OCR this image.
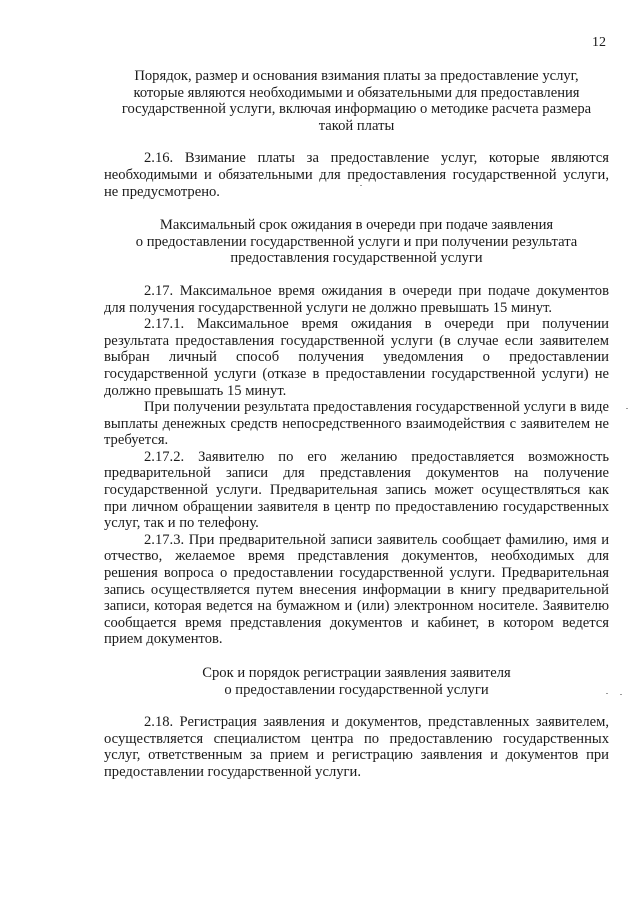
12

Порядок, размер и основания взимания платы за предоставление услуг,
которые являются необходимыми и обязательными для предоставления
государственной услуги, включая информацию о методике расчета размера
такой платы

2.16. Взимание платы за предоставление услуг, которые являются необходимыми и обязательными для предоставления государственной услуги, не предусмотрено.

Максимальный срок ожидания в очереди при подаче заявления
о предоставлении государственной услуги и при получении результата
предоставления государственной услуги

2.17. Максимальное время ожидания в очереди при подаче документов для получения государственной услуги не должно превышать 15 минут.

2.17.1. Максимальное время ожидания в очереди при получении результата предоставления государственной услуги (в случае если заявителем выбран личный способ получения уведомления о предоставлении государственной услуги (отказе в предоставлении государственной услуги) не должно превышать 15 минут.

При получении результата предоставления государственной услуги в виде выплаты денежных средств непосредственного взаимодействия с заявителем не требуется.

2.17.2. Заявителю по его желанию предоставляется возможность предварительной записи для представления документов на получение государственной услуги. Предварительная запись может осуществляться как при личном обращении заявителя в центр по предоставлению государственных услуг, так и по телефону.

2.17.3. При предварительной записи заявитель сообщает фамилию, имя и отчество, желаемое время представления документов, необходимых для решения вопроса о предоставлении государственной услуги. Предварительная запись осуществляется путем внесения информации в книгу предварительной записи, которая ведется на бумажном и (или) электронном носителе. Заявителю сообщается время представления документов и кабинет, в котором ведется прием документов.

Срок и порядок регистрации заявления заявителя
о предоставлении государственной услуги

2.18. Регистрация заявления и документов, представленных заявителем, осуществляется специалистом центра по предоставлению государственных услуг, ответственным за прием и регистрацию заявления и документов при предоставлении государственной услуги.
